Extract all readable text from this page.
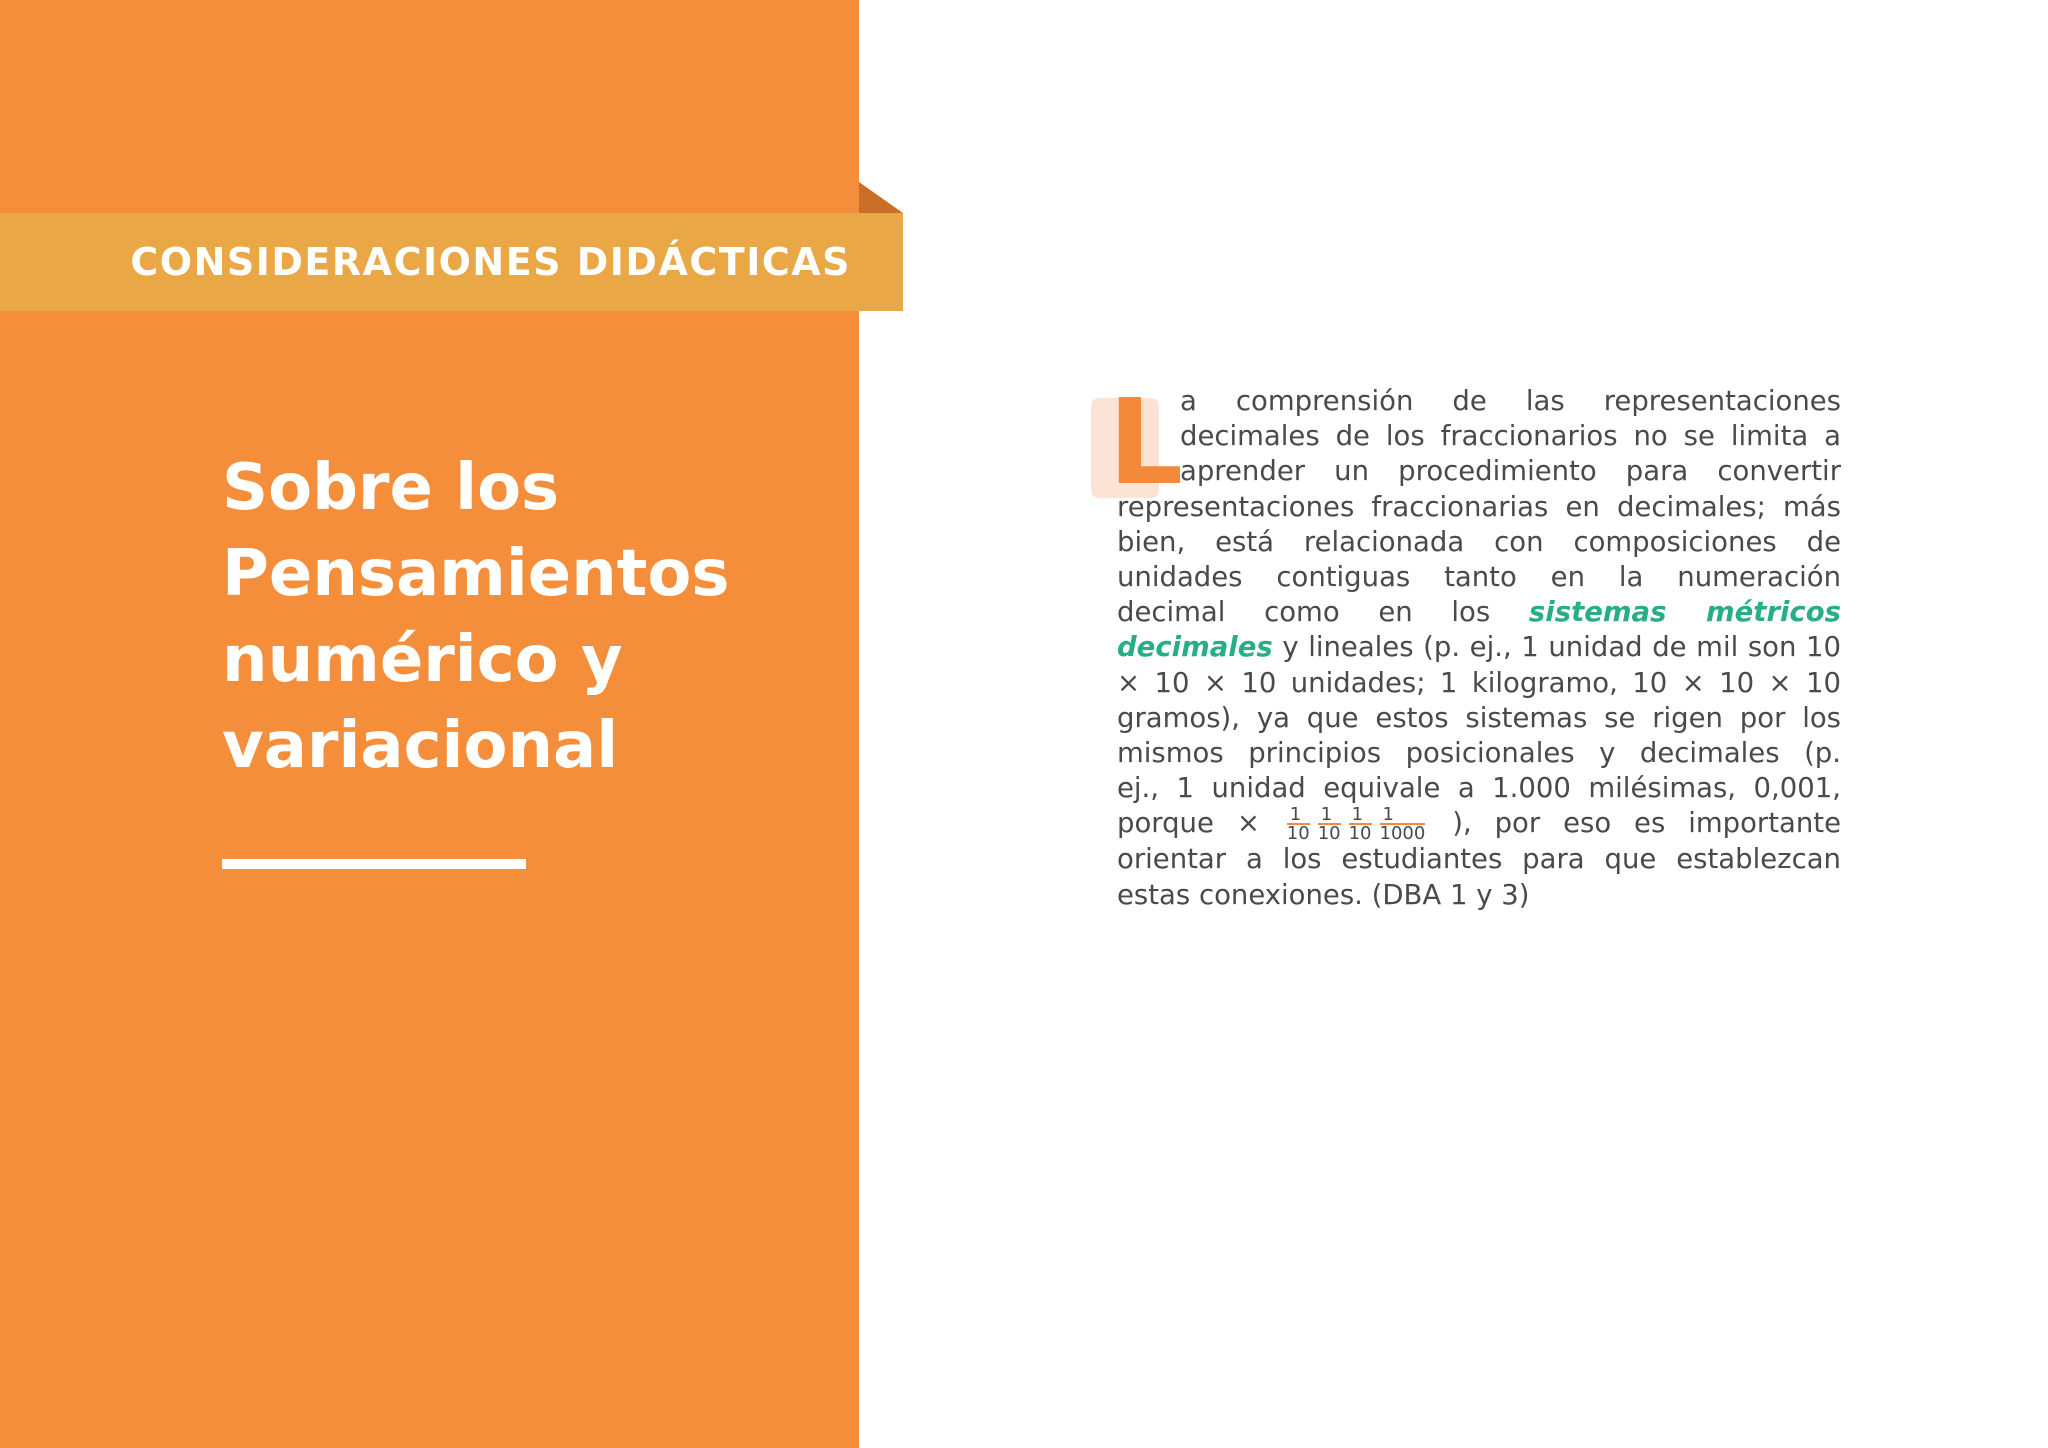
CONSIDERACIONES DIDÁCTICAS
Sobre los
Pensamientos
numérico y
variacional
L
a comprensión de las representaciones
decimales de los fraccionarios no se limita a
aprender un procedimiento para convertir
representaciones fraccionarias en decimales; más
bien, está relacionada con composiciones de
unidades contiguas tanto en la numeración
decimal como en los sistemas métricos
decimales y lineales (p. ej., 1 unidad de mil son 10
× 10 × 10 unidades; 1 kilogramo, 10 × 10 × 10
gramos), ya que estos sistemas se rigen por los
mismos principios posicionales y decimales (p.
ej., 1 unidad equivale a 1.000 milésimas, 0,001,
porque × $\frac{1}{10} \frac{1}{10} \frac{1}{10} \frac{1}{1000}$ ), por eso es importante
orientar a los estudiantes para que establezcan
estas conexiones. (DBA 1 y 3)
